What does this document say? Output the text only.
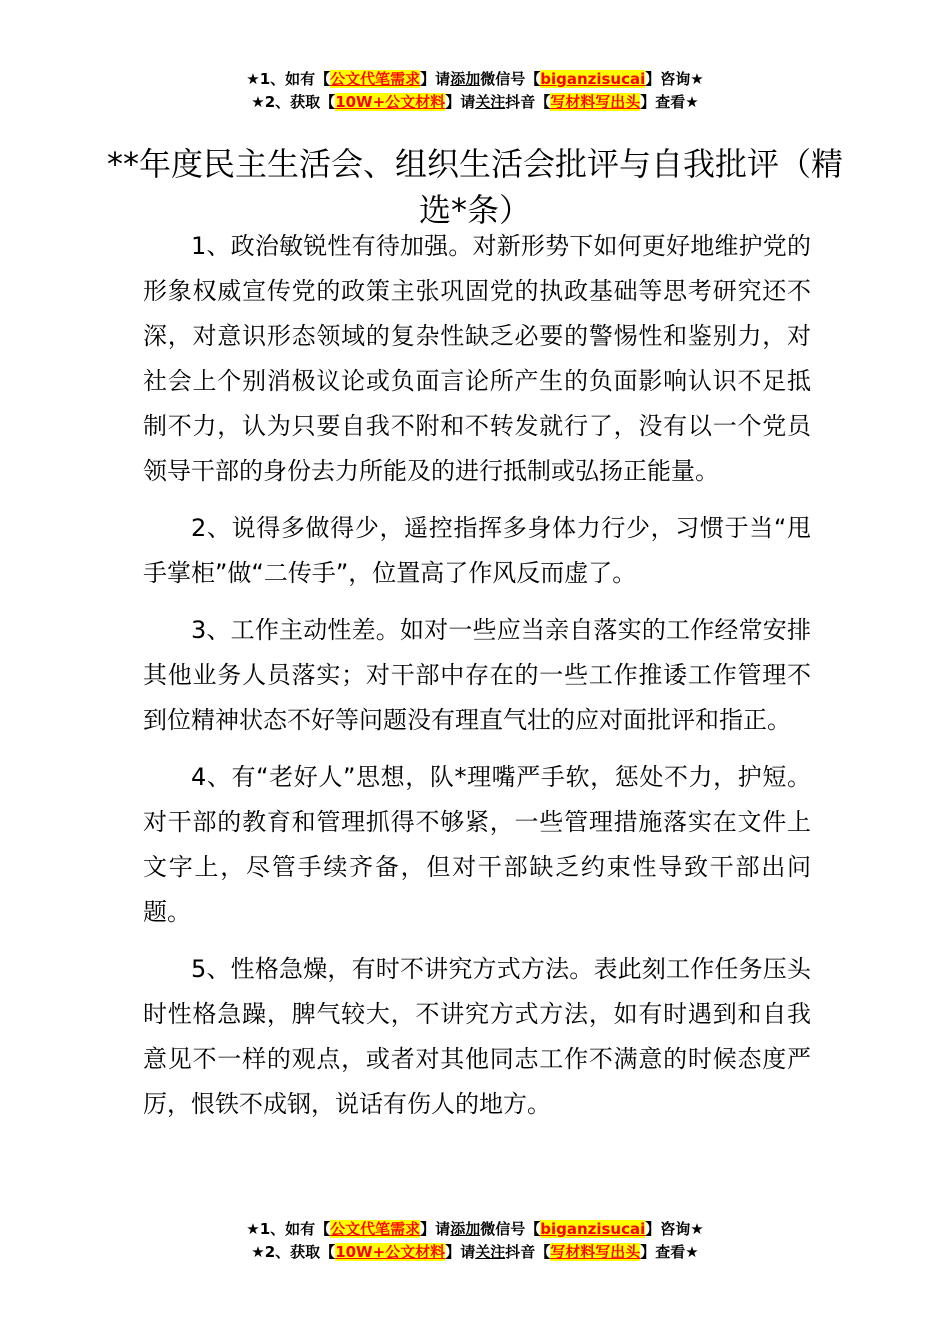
★1、如有【公文代笔需求】请添加微信号【biganzisucai】咨询★
★2、获取【10W+公文材料】请关注抖音【写材料写出头】查看★
**年度民主生活会、组织生活会批评与自我批评（精选*条）

1、政治敏锐性有待加强。对新形势下如何更好地维护党的形象权威宣传党的政策主张巩固党的执政基础等思考研究还不深，对意识形态领域的复杂性缺乏必要的警惕性和鉴别力，对社会上个别消极议论或负面言论所产生的负面影响认识不足抵制不力，认为只要自我不附和不转发就行了，没有以一个党员领导干部的身份去力所能及的进行抵制或弘扬正能量。

2、说得多做得少，遥控指挥多身体力行少，习惯于当“甩手掌柜”做“二传手”，位置高了作风反而虚了。

3、工作主动性差。如对一些应当亲自落实的工作经常安排其他业务人员落实；对干部中存在的一些工作推诿工作管理不到位精神状态不好等问题没有理直气壮的应对面批评和指正。

4、有“老好人”思想，队*理嘴严手软，惩处不力，护短。对干部的教育和管理抓得不够紧，一些管理措施落实在文件上文字上，尽管手续齐备，但对干部缺乏约束性导致干部出问题。

5、性格急燥，有时不讲究方式方法。表此刻工作任务压头时性格急躁，脾气较大，不讲究方式方法，如有时遇到和自我意见不一样的观点，或者对其他同志工作不满意的时候态度严厉，恨铁不成钢，说话有伤人的地方。

★1、如有【公文代笔需求】请添加微信号【biganzisucai】咨询★
★2、获取【10W+公文材料】请关注抖音【写材料写出头】查看★
